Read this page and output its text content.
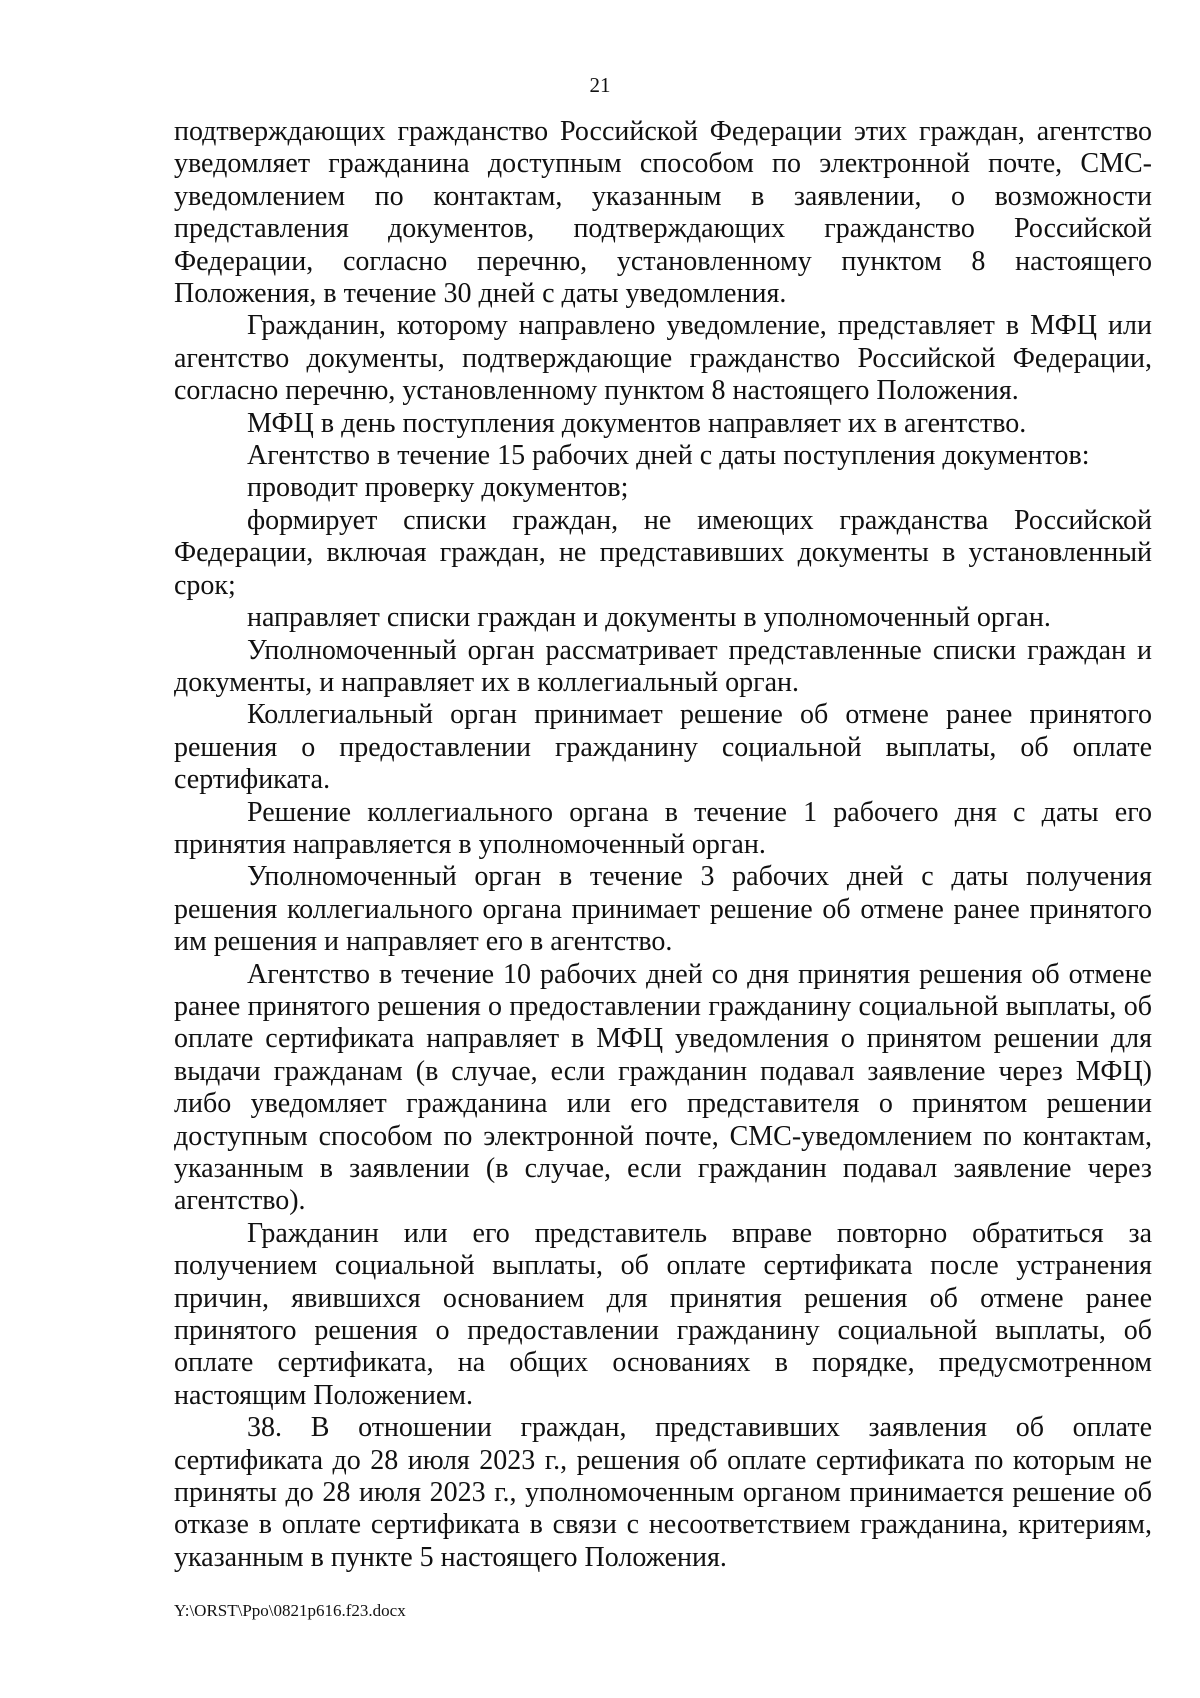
21

подтверждающих гражданство Российской Федерации этих граждан, агентство уведомляет гражданина доступным способом по электронной почте, СМС-уведомлением по контактам, указанным в заявлении, о возможности представления документов, подтверждающих гражданство Российской Федерации, согласно перечню, установленному пунктом 8 настоящего Положения, в течение 30 дней с даты уведомления.

Гражданин, которому направлено уведомление, представляет в МФЦ или агентство документы, подтверждающие гражданство Российской Федерации, согласно перечню, установленному пунктом 8 настоящего Положения.

МФЦ в день поступления документов направляет их в агентство.

Агентство в течение 15 рабочих дней с даты поступления документов:

проводит проверку документов;

формирует списки граждан, не имеющих гражданства Российской Федерации, включая граждан, не представивших документы в установленный срок;

направляет списки граждан и документы в уполномоченный орган.

Уполномоченный орган рассматривает представленные списки граждан и документы, и направляет их в коллегиальный орган.

Коллегиальный орган принимает решение об отмене ранее принятого решения о предоставлении гражданину социальной выплаты, об оплате сертификата.

Решение коллегиального органа в течение 1 рабочего дня с даты его принятия направляется в уполномоченный орган.

Уполномоченный орган в течение 3 рабочих дней с даты получения решения коллегиального органа принимает решение об отмене ранее принятого им решения и направляет его в агентство.

Агентство в течение 10 рабочих дней со дня принятия решения об отмене ранее принятого решения о предоставлении гражданину социальной выплаты, об оплате сертификата направляет в МФЦ уведомления о принятом решении для выдачи гражданам (в случае, если гражданин подавал заявление через МФЦ) либо уведомляет гражданина или его представителя о принятом решении доступным способом по электронной почте, СМС-уведомлением по контактам, указанным в заявлении (в случае, если гражданин подавал заявление через агентство).

Гражданин или его представитель вправе повторно обратиться за получением социальной выплаты, об оплате сертификата после устранения причин, явившихся основанием для принятия решения об отмене ранее принятого решения о предоставлении гражданину социальной выплаты, об оплате сертификата, на общих основаниях в порядке, предусмотренном настоящим Положением.

38. В отношении граждан, представивших заявления об оплате сертификата до 28 июля 2023 г., решения об оплате сертификата по которым не приняты до 28 июля 2023 г., уполномоченным органом принимается решение об отказе в оплате сертификата в связи с несоответствием гражданина, критериям, указанным в пункте 5 настоящего Положения.

Y:\ORST\Ppo\0821p616.f23.docx
